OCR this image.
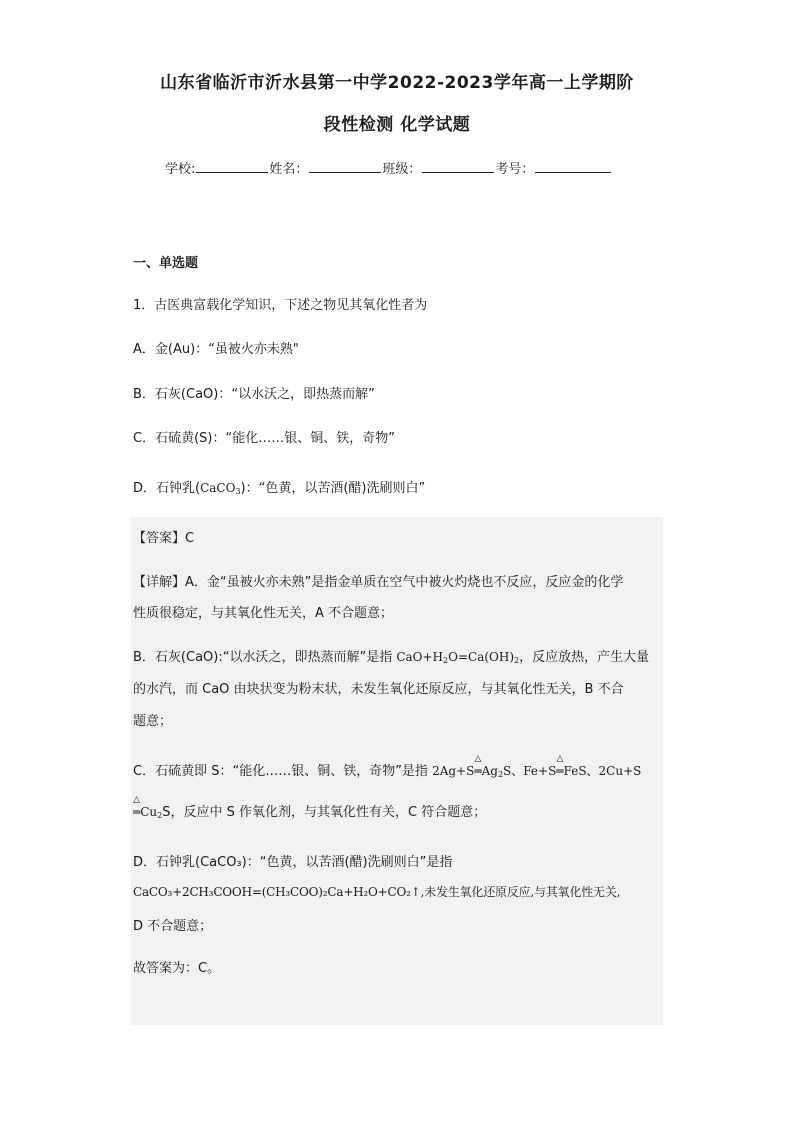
山东省临沂市沂水县第一中学2022-2023学年高一上学期阶
段性检测 化学试题
学校:	姓名：	班级：	考号：
一、单选题
1．古医典富载化学知识，下述之物见其氧化性者为
A．金(Au)：“虽被火亦未熟"
B．石灰(CaO)：“以水沃之，即热蒸而解”
C．石硫黄(S)：“能化……银、铜、铁，奇物”
D．石钟乳(CaCO$_3$)：“色黄，以苦酒(醋)洗刷则白”
【答案】C
【详解】A．金“虽被火亦未熟”是指金单质在空气中被火灼烧也不反应，反应金的化学
性质很稳定，与其氧化性无关，A 不合题意；
B．石灰(CaO):“以水沃之，即热蒸而解”是指 $CaO+H_2O=Ca(OH)_2$，反应放热，产生大量
的水汽，而 CaO 由块状变为粉末状，未发生氧化还原反应，与其氧化性无关，B 不合
题意；
C．石硫黄即 S：“能化……银、铜、铁，奇物”是指 2Ag+S
△
$═Ag_2S$、Fe+S
△
═FeS、2Cu+S
△
$═Cu_2S$，反应中 S 作氧化剂，与其氧化性有关，C 符合题意；
D．石钟乳(CaCO₃)：“色黄，以苦酒(醋)洗刷则白”是指
CaCO₃+2CH₃COOH=(CH₃COO)₂Ca+H₂O+CO₂↑,未发生氧化还原反应,与其氧化性无关,
D 不合题意；
故答案为：C。
